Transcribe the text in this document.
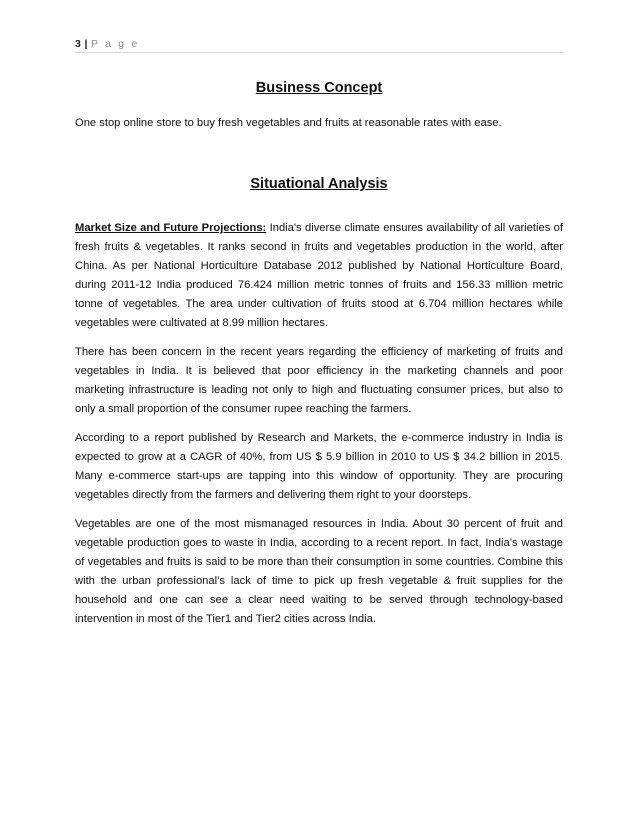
3 | P a g e
Business Concept

One stop online store to buy fresh vegetables and fruits at reasonable rates with ease.

Situational Analysis

Market Size and Future Projections: India's diverse climate ensures availability of all varieties of fresh fruits & vegetables. It ranks second in fruits and vegetables production in the world, after China. As per National Horticulture Database 2012 published by National Horticulture Board, during 2011-12 India produced 76.424 million metric tonnes of fruits and 156.33 million metric tonne of vegetables. The area under cultivation of fruits stood at 6.704 million hectares while vegetables were cultivated at 8.99 million hectares.

There has been concern in the recent years regarding the efficiency of marketing of fruits and vegetables in India. It is believed that poor efficiency in the marketing channels and poor marketing infrastructure is leading not only to high and fluctuating consumer prices, but also to only a small proportion of the consumer rupee reaching the farmers.

According to a report published by Research and Markets, the e-commerce industry in India is expected to grow at a CAGR of 40%, from US $ 5.9 billion in 2010 to US $ 34.2 billion in 2015. Many e-commerce start-ups are tapping into this window of opportunity. They are procuring vegetables directly from the farmers and delivering them right to your doorsteps.

Vegetables are one of the most mismanaged resources in India. About 30 percent of fruit and vegetable production goes to waste in India, according to a recent report. In fact, India’s wastage of vegetables and fruits is said to be more than their consumption in some countries. Combine this with the urban professional’s lack of time to pick up fresh vegetable & fruit supplies for the household and one can see a clear need waiting to be served through technology-based intervention in most of the Tier1 and Tier2 cities across India.
